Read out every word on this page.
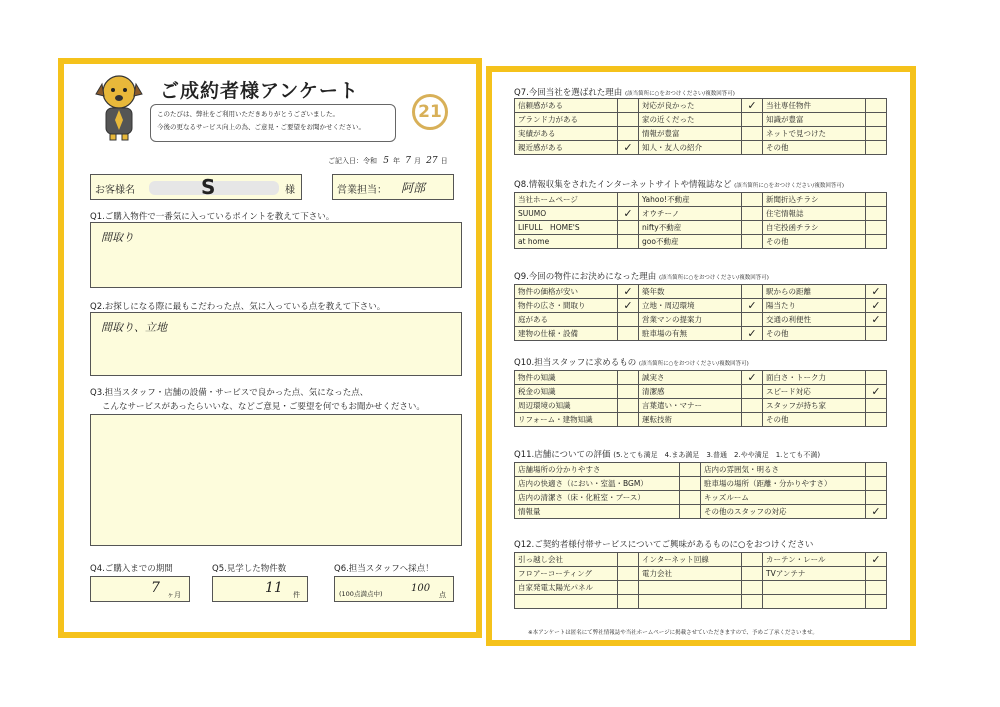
ご成約者様アンケート
このたびは、弊社をご利用いただきありがとうございました。
今後の更なるサービス向上の為、ご意見・ご要望をお聞かせください。
21
ご記入日：令和 5 年 7 月 27 日
お客様名	S	様	営業担当： 阿部
Q1.ご購入物件で一番気に入っているポイントを教えて下さい。
間取り
Q2.お探しになる際に最もこだわった点、気に入っている点を教えて下さい。
間取り、立地
Q3.担当スタッフ・店舗の設備・サービスで良かった点、気になった点、
こんなサービスがあったらいいな、などご意見・ご要望を何でもお聞かせください。
Q4.ご購入までの期間
7 ヶ月
Q5.見学した物件数
11 件
Q6.担当スタッフへ採点！
(100点満点中)	100
点
Q7.今回当社を選ばれた理由 (該当箇所に○をおつけください/複数回答可)
信頼感がある		対応が良かった	✓	当社専任物件	
ブランド力がある		家の近くだった		知識が豊富	
実績がある		情報が豊富		ネットで見つけた	
親近感がある	✓	知人・友人の紹介		その他	
Q8.情報収集をされたインターネットサイトや情報誌など (該当箇所に○をおつけください/複数回答可)
当社ホームページ		Yahoo!不動産		新聞折込チラシ	
SUUMO	✓	オウチーノ		住宅情報誌	
LIFULL　HOME'S		nifty不動産		自宅投函チラシ	
at home		goo不動産		その他	
Q9.今回の物件にお決めになった理由 (該当箇所に○をおつけください/複数回答可)
物件の価格が安い	✓	築年数		駅からの距離	✓
物件の広さ・間取り	✓	立地・周辺環境	✓	陽当たり	✓
庭がある		営業マンの提案力		交通の利便性	✓
建物の仕様・設備		駐車場の有無	✓	その他	
Q10.担当スタッフに求めるもの (該当箇所に○をおつけください/複数回答可)
物件の知識		誠実さ	✓	面白さ・トーク力	
税金の知識		清潔感		スピード対応	✓
周辺環境の知識		言葉遣い・マナー		スタッフが持ち家	
リフォーム・建物知識		運転技術		その他	
Q11.店舗についての評価 (5.とても満足　4.まあ満足　3.普通　2.やや満足　1.とても不満)
店舗場所の分かりやすさ		店内の雰囲気・明るさ	
店内の快適さ（におい・室温・BGM）		駐車場の場所（距離・分かりやすさ）	
店内の清潔さ（床・化粧室・ブース）		キッズルーム	
情報量		その他のスタッフの対応	✓
Q12.ご契約者様付帯サービスについてご興味があるものに○をおつけください
引っ越し会社		インターネット回線		カーテン・レール	✓
フロアーコーティング		電力会社		TVアンテナ	
自家発電太陽光パネル					

※本アンケートは匿名にて弊社情報誌や当社ホームページに掲載させていただきますので、予めご了承くださいませ。
